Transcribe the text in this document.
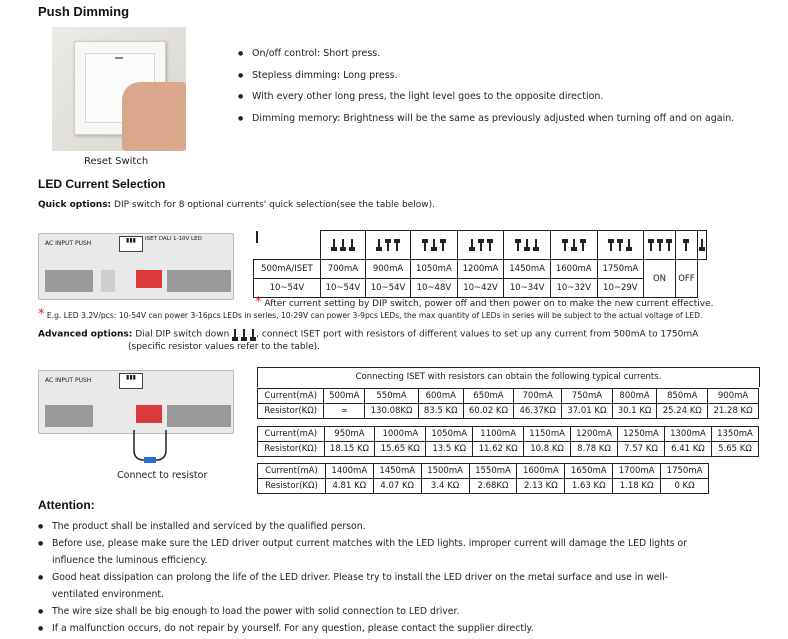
Push Dimming
Reset Switch
● On/off control: Short press.
● Stepless dimming: Long press.
● With every other long press, the light level goes to the opposite direction.
● Dimming memory: Brightness will be the same as previously adjusted when turning off and on again.
LED Current Selection
Quick options: DIP switch for 8 optional currents' quick selection(see the table below).
AC INPUT PUSH	▮▮▮	ISET DALI 1-10V LED

500mA/ISET	700mA	900mA	1050mA	1200mA	1450mA	1600mA	1750mA	ON	OFF
10~54V	10~54V	10~54V	10~48V	10~42V	10~34V	10~32V	10~29V
* After current setting by DIP switch, power off and then power on to make the new current effective.
* E.g. LED 3.2V/pcs: 10-54V can power 3-16pcs LEDs in series, 10-29V can power 3-9pcs LEDs, the max quantity of LEDs in series will be subject to the actual voltage of LED.
Advanced options: Dial DIP switch down	, connect ISET port with resistors of different values to set up any current from 500mA to 1750mA
(specific resistor values refer to the table).
AC INPUT PUSH	▮▮▮
Connect to resistor
Connecting ISET with resistors can obtain the following typical currents.
Current(mA)	500mA	550mA	600mA	650mA	700mA	750mA	800mA	850mA	900mA
Resistor(KΩ)	∞	130.08KΩ	83.5 KΩ	60.02 KΩ	46.37KΩ	37.01 KΩ	30.1 KΩ	25.24 KΩ	21.28 KΩ
Current(mA)	950mA	1000mA	1050mA	1100mA	1150mA	1200mA	1250mA	1300mA	1350mA
Resistor(KΩ)	18.15 KΩ	15.65 KΩ	13.5 KΩ	11.62 KΩ	10.8 KΩ	8.78 KΩ	7.57 KΩ	6.41 KΩ	5.65 KΩ
Current(mA)	1400mA	1450mA	1500mA	1550mA	1600mA	1650mA	1700mA	1750mA
Resistor(KΩ)	4.81 KΩ	4.07 KΩ	3.4 KΩ	2.68KΩ	2.13 KΩ	1.63 KΩ	1.18 KΩ	0 KΩ
Attention:
● The product shall be installed and serviced by the qualified person.
● Before use, please make sure the LED driver output current matches with the LED lights. improper current will damage the LED lights or
influence the luminous efficiency.
● Good heat dissipation can prolong the life of the LED driver. Please try to install the LED driver on the metal surface and use in well-
ventilated environment.
● The wire size shall be big enough to load the power with solid connection to LED driver.
● If a malfunction occurs, do not repair by yourself. For any question, please contact the supplier directly.
